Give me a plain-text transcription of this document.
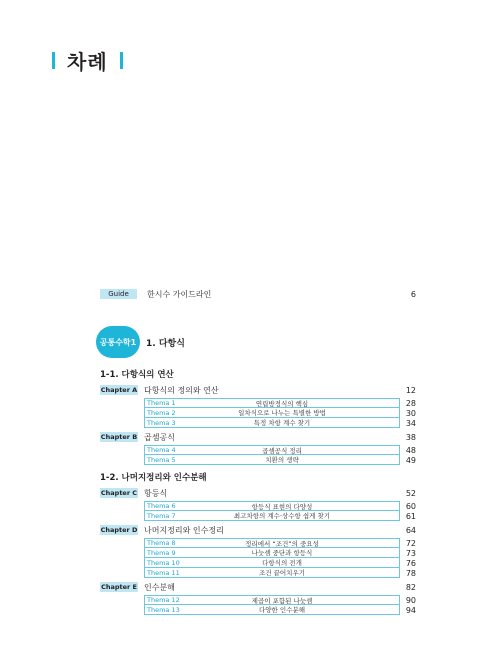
차례
Guide	한시수 가이드라인	6
공통수학1	1. 다항식
1-1. 다항식의 연산
Chapter A 다항식의 정의와 연산	12
Thema 1	연립방정식의 핵심	28
Thema 2	일차식으로 나누는 특별한 방법	30
Thema 3	특정 차항 계수 찾기	34
Chapter B 곱셈공식	38
Thema 4	곱셈공식 정리	48
Thema 5	치환의 생략	49
1-2. 나머지정리와 인수분해
Chapter C 항등식	52
Thema 6	항등식 표현의 다양성	60
Thema 7	최고차항의 계수·상수항 쉽게 찾기	61
Chapter D 나머지정리와 인수정리	64
Thema 8	정리에서 “조건”의 중요성	72
Thema 9	나눗셈 중단과 항등식	73
Thema 10	다항식의 전개	76
Thema 11	조건 끝어치우기	78
Chapter E 인수분해	82
Thema 12	제곱이 포함된 나눗셈	90
Thema 13	다양한 인수분해	94
